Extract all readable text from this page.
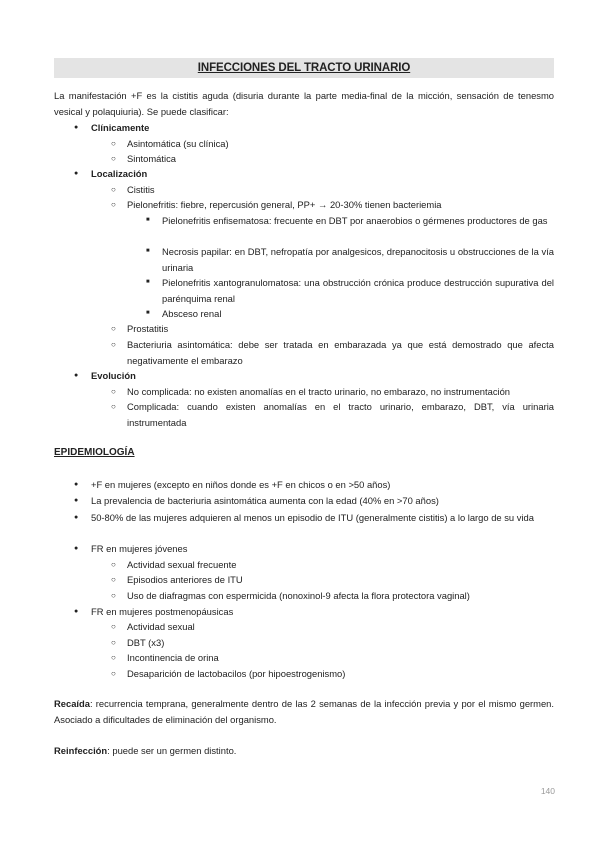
INFECCIONES DEL TRACTO URINARIO
La manifestación +F es la cistitis aguda (disuria durante la parte media-final de la micción, sensación de tenesmo vesical y polaquiuria). Se puede clasificar:
● Clínicamente
○ Asintomática (su clínica)
○ Sintomática
● Localización
○ Cistitis
○ Pielonefritis: fiebre, repercusión general, PP+ → 20-30% tienen bacteriemia
■ Pielonefritis enfisematosa: frecuente en DBT por anaerobios o gérmenes productores de gas
■ Necrosis papilar: en DBT, nefropatía por analgesicos, drepanocitosis u obstrucciones de la vía urinaria
■ Pielonefritis xantogranulomatosa: una obstrucción crónica produce destrucción supurativa del parénquima renal
■ Absceso renal
○ Prostatitis
○ Bacteriuria asintomática: debe ser tratada en embarazada ya que está demostrado que afecta negativamente el embarazo
● Evolución
○ No complicada: no existen anomalías en el tracto urinario, no embarazo, no instrumentación
○ Complicada: cuando existen anomalías en el tracto urinario, embarazo, DBT, vía urinaria instrumentada
EPIDEMIOLOGÍA
● +F en mujeres (excepto en niños donde es +F en chicos o en >50 años)
● La prevalencia de bacteriuria asintomática aumenta con la edad (40% en >70 años)
● 50-80% de las mujeres adquieren al menos un episodio de ITU (generalmente cistitis) a lo largo de su vida
● FR en mujeres jóvenes
○ Actividad sexual frecuente
○ Episodios anteriores de ITU
○ Uso de diafragmas con espermicida (nonoxinol-9 afecta la flora protectora vaginal)
● FR en mujeres postmenopáusicas
○ Actividad sexual
○ DBT (x3)
○ Incontinencia de orina
○ Desaparición de lactobacilos (por hipoestrogenismo)
Recaída: recurrencia temprana, generalmente dentro de las 2 semanas de la infección previa y por el mismo germen. Asociado a dificultades de eliminación del organismo.
Reinfección: puede ser un germen distinto.
140
